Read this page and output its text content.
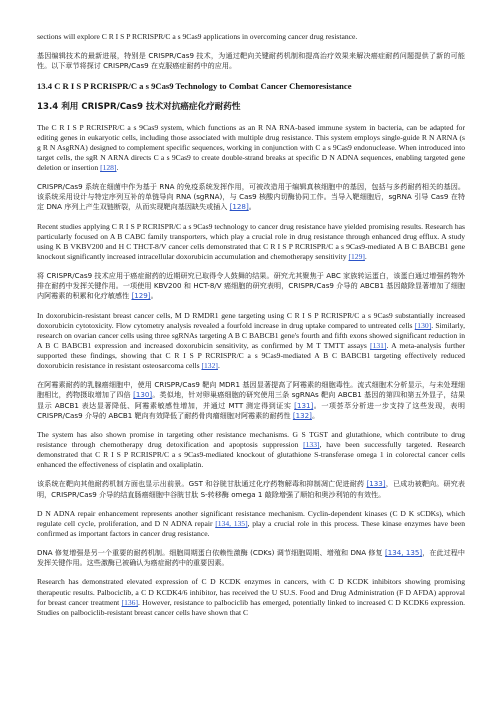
sections will explore C R I S P RCRISPR/C a s 9Cas9 applications in overcoming cancer drug resistance.

基因编辑技术的最新进展，特别是 CRISPR/Cas9 技术，为通过靶向关键耐药机制和提高治疗效果来解决癌症耐药问题提供了新的可能性。以下章节将探讨 CRISPR/Cas9 在克服癌症耐药中的应用。

13.4 C R I S P RCRISPR/C a s 9Cas9 Technology to Combat Cancer Chemoresistance
13.4 利用 CRISPR/Cas9 技术对抗癌症化疗耐药性

The C R I S P RCRISPR/C a s 9Cas9 system, which functions as an R NA RNA-based immune system in bacteria, can be adapted for editing genes in eukaryotic cells, including those associated with multiple drug resistance. This system employs single-guide R N ARNA (s g R N AsgRNA) designed to complement specific sequences, working in conjunction with C a s 9Cas9 endonuclease. When introduced into target cells, the sgR N ARNA directs C a s 9Cas9 to create double-strand breaks at specific D N ADNA sequences, enabling targeted gene deletion or insertion [128].

CRISPR/Cas9 系统在细菌中作为基于 RNA 的免疫系统发挥作用，可被改造用于编辑真核细胞中的基因，包括与多药耐药相关的基因。该系统采用设计与特定序列互补的单链导向 RNA (sgRNA)，与 Cas9 核酸内切酶协同工作。当导入靶细胞后，sgRNA 引导 Cas9 在特定 DNA 序列上产生双链断裂，从而实现靶向基因缺失或插入 [128]。

Recent studies applying C R I S P RCRISPR/C a s 9Cas9 technology to cancer drug resistance have yielded promising results. Research has particularly focused on A B CABC family transporters, which play a crucial role in drug resistance through enhanced drug efflux. A study using K B VKBV200 and H C THCT-8/V cancer cells demonstrated that C R I S P RCRISPR/C a s 9Cas9-mediated A B C BABCB1 gene knockout significantly increased intracellular doxorubicin accumulation and chemotherapy sensitivity [129].

将 CRISPR/Cas9 技术应用于癌症耐药的近期研究已取得令人鼓舞的结果。研究尤其聚焦于 ABC 家族转运蛋白，该蛋白通过增强药物外排在耐药中发挥关键作用。一项使用 KBV200 和 HCT-8/V 癌细胞的研究表明，CRISPR/Cas9 介导的 ABCB1 基因敲除显著增加了细胞内阿霉素的积累和化疗敏感性 [129]。

In doxorubicin-resistant breast cancer cells, M D RMDR1 gene targeting using C R I S P RCRISPR/C a s 9Cas9 substantially increased doxorubicin cytotoxicity. Flow cytometry analysis revealed a fourfold increase in drug uptake compared to untreated cells [130]. Similarly, research on ovarian cancer cells using three sgRNAs targeting A B C BABCB1 gene's fourth and fifth exons showed significant reduction in A B C BABCB1 expression and increased doxorubicin sensitivity, as confirmed by M T TMTT assays [131]. A meta-analysis further supported these findings, showing that C R I S P RCRISPR/C a s 9Cas9-mediated A B C BABCB1 targeting effectively reduced doxorubicin resistance in resistant osteosarcoma cells [132].

在阿霉素耐药的乳腺癌细胞中，使用 CRISPR/Cas9 靶向 MDR1 基因显著提高了阿霉素的细胞毒性。流式细胞术分析显示，与未处理细胞相比，药物摄取增加了四倍 [130]。类似地，针对卵巢癌细胞的研究使用三条 sgRNAs 靶向 ABCB1 基因的第四和第五外显子，结果显示 ABCB1 表达显著降低、阿霉素敏感性增加，并通过 MTT 测定得到证实 [131]。一项荟萃分析进一步支持了这些发现，表明 CRISPR/Cas9 介导的 ABCB1 靶向有效降低了耐药骨肉瘤细胞对阿霉素的耐药性 [132]。

The system has also shown promise in targeting other resistance mechanisms. G S TGST and glutathione, which contribute to drug resistance through chemotherapy drug detoxification and apoptosis suppression [133], have been successfully targeted. Research demonstrated that C R I S P RCRISPR/C a s 9Cas9-mediated knockout of glutathione S-transferase omega 1 in colorectal cancer cells enhanced the effectiveness of cisplatin and oxaliplatin.

该系统在靶向其他耐药机制方面也显示出前景。GST 和谷胱甘肽通过化疗药物解毒和抑制凋亡促进耐药 [133]，已成功被靶向。研究表明，CRISPR/Cas9 介导的结直肠癌细胞中谷胱甘肽 S-转移酶 omega 1 敲除增强了顺铂和奥沙利铂的有效性。

D N ADNA repair enhancement represents another significant resistance mechanism. Cyclin-dependent kinases (C D K sCDKs), which regulate cell cycle, proliferation, and D N ADNA repair [134, 135], play a crucial role in this process. These kinase enzymes have been confirmed as important factors in cancer drug resistance.

DNA 修复增强是另一个重要的耐药机制。细胞周期蛋白依赖性激酶 (CDKs) 调节细胞周期、增殖和 DNA 修复 [134, 135]，在此过程中发挥关键作用。这些激酶已被确认为癌症耐药中的重要因素。

Research has demonstrated elevated expression of C D KCDK enzymes in cancers, with C D KCDK inhibitors showing promising therapeutic results. Palbociclib, a C D KCDK4/6 inhibitor, has received the U SU.S. Food and Drug Administration (F D AFDA) approval for breast cancer treatment [136]. However, resistance to palbociclib has emerged, potentially linked to increased C D KCDK6 expression. Studies on palbociclib-resistant breast cancer cells have shown that C
